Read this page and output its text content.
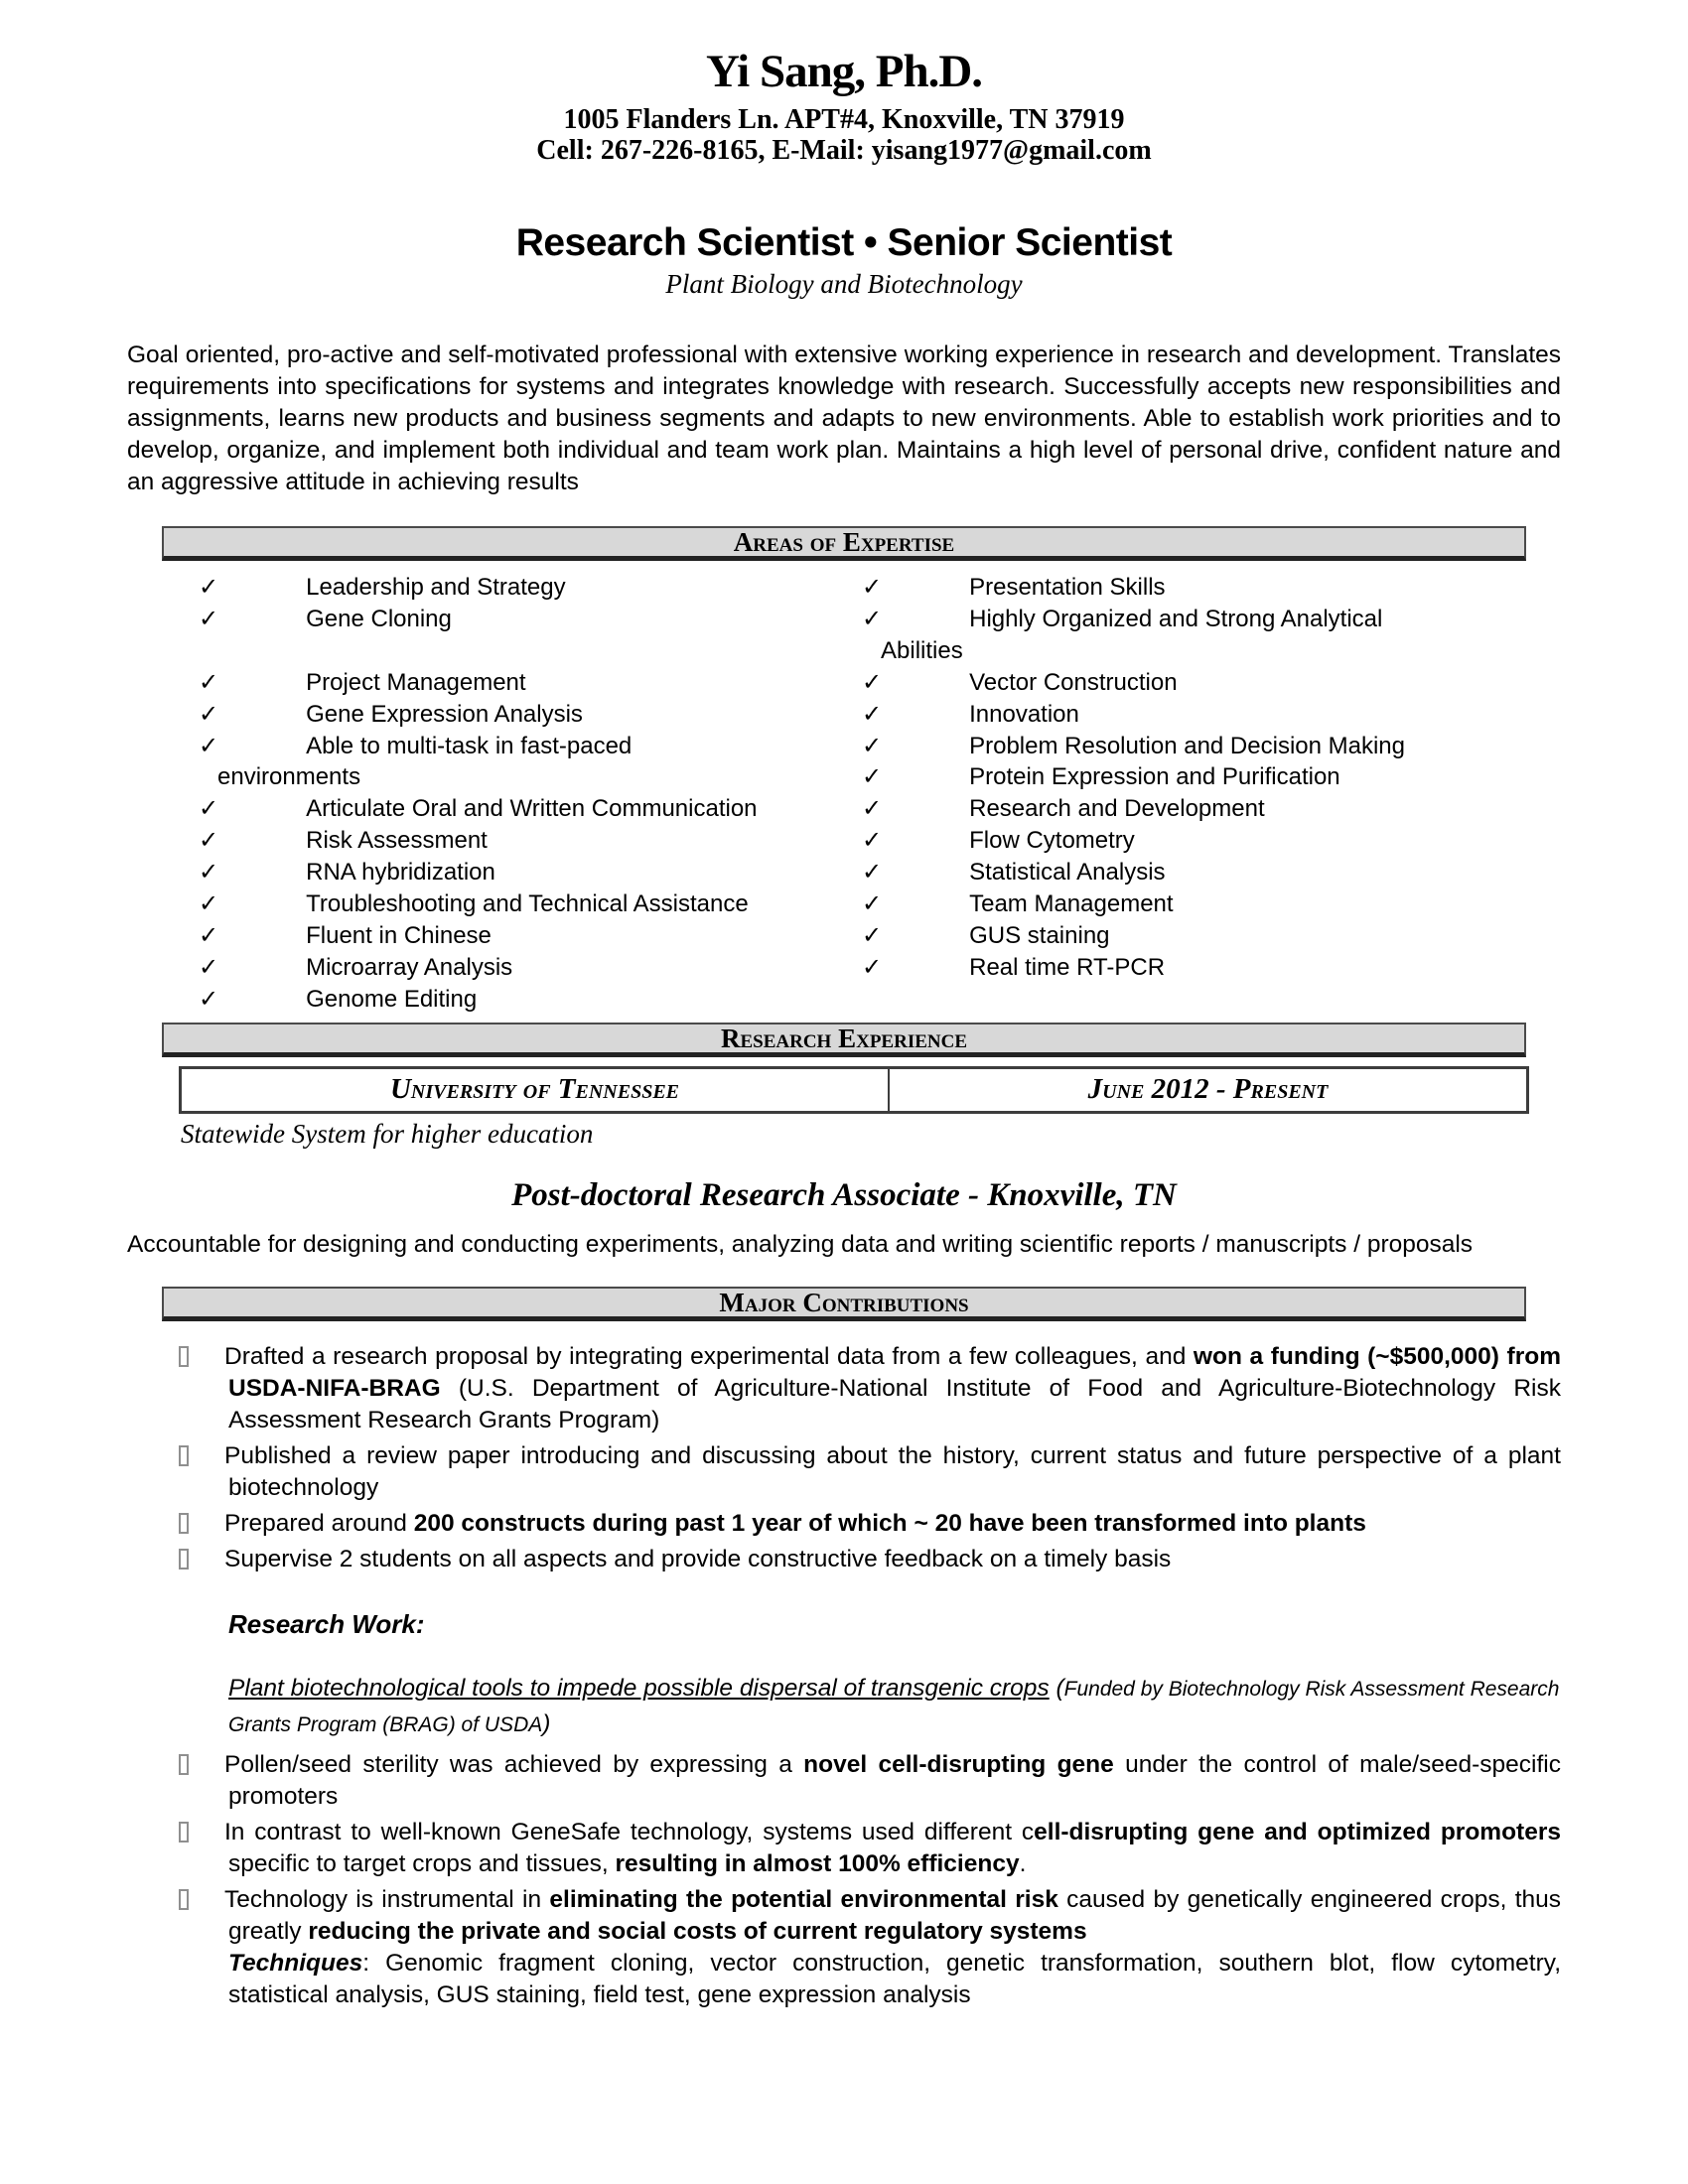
Yi Sang, Ph.D.
1005 Flanders Ln. APT#4, Knoxville, TN 37919
Cell: 267-226-8165, E-Mail: yisang1977@gmail.com
Research Scientist • Senior Scientist
Plant Biology and Biotechnology
Goal oriented, pro-active and self-motivated professional with extensive working experience in research and development. Translates requirements into specifications for systems and integrates knowledge with research. Successfully accepts new responsibilities and assignments, learns new products and business segments and adapts to new environments. Able to establish work priorities and to develop, organize, and implement both individual and team work plan. Maintains a high level of personal drive, confident nature and an aggressive attitude in achieving results
Areas of Expertise
✓	Leadership and Strategy
✓	Gene Cloning

✓	Project Management
✓	Gene Expression Analysis
✓	Able to multi-task in fast-paced
environments
✓	Articulate Oral and Written Communication
✓	Risk Assessment
✓	RNA hybridization
✓	Troubleshooting and Technical Assistance
✓	Fluent in Chinese
✓	Microarray Analysis
✓	Genome Editing
✓	Presentation Skills
✓	Highly Organized and Strong Analytical
Abilities
✓	Vector Construction
✓	Innovation
✓	Problem Resolution and Decision Making
✓	Protein Expression and Purification
✓	Research and Development
✓	Flow Cytometry
✓	Statistical Analysis
✓	Team Management
✓	GUS staining
✓	Real time RT-PCR
Research Experience
University of Tennessee	June 2012 - Present
Statewide System for higher education
Post-doctoral Research Associate - Knoxville, TN
Accountable for designing and conducting experiments, analyzing data and writing scientific reports / manuscripts / proposals
Major Contributions
Drafted a research proposal by integrating experimental data from a few colleagues, and won a funding (~$500,000) from USDA-NIFA-BRAG (U.S. Department of Agriculture-National Institute of Food and Agriculture-Biotechnology Risk Assessment Research Grants Program)
Published a review paper introducing and discussing about the history, current status and future perspective of a plant biotechnology
Prepared around 200 constructs during past 1 year of which ~ 20 have been transformed into plants
Supervise 2 students on all aspects and provide constructive feedback on a timely basis
Research Work:
Plant biotechnological tools to impede possible dispersal of transgenic crops (Funded by Biotechnology Risk Assessment Research Grants Program (BRAG) of USDA)
Pollen/seed sterility was achieved by expressing a novel cell-disrupting gene under the control of male/seed-specific promoters
In contrast to well-known GeneSafe technology, systems used different cell-disrupting gene and optimized promoters specific to target crops and tissues, resulting in almost 100% efficiency.
Technology is instrumental in eliminating the potential environmental risk caused by genetically engineered crops, thus greatly reducing the private and social costs of current regulatory systems
Techniques: Genomic fragment cloning, vector construction, genetic transformation, southern blot, flow cytometry, statistical analysis, GUS staining, field test, gene expression analysis
